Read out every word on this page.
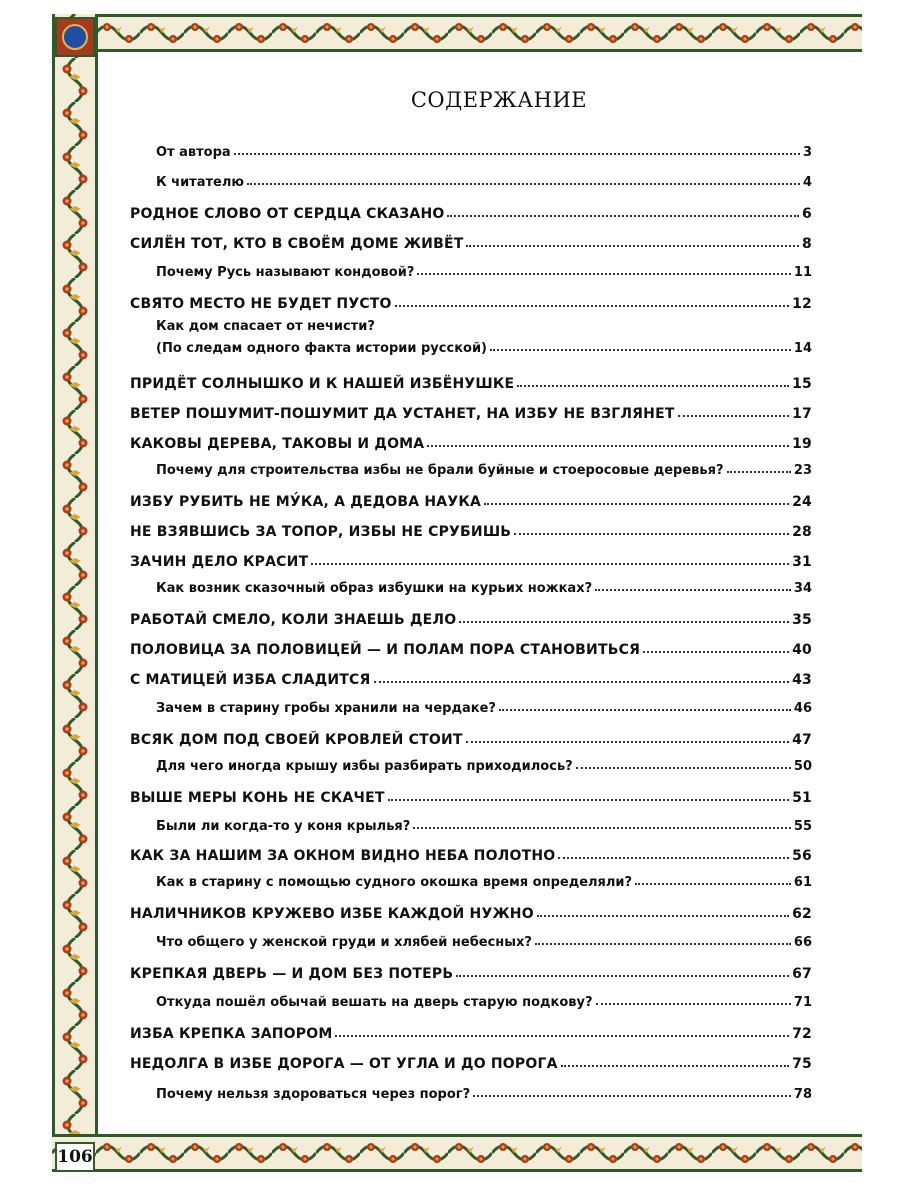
106
СОДЕРЖАНИЕ
От автора	3
К читателю	4
РОДНОЕ СЛОВО ОТ СЕРДЦА СКАЗАНО	6
СИЛЁН ТОТ, КТО В СВОЁМ ДОМЕ ЖИВЁТ	8
Почему Русь называют кондовой?	11
СВЯТО МЕСТО НЕ БУДЕТ ПУСТО	12
Как дом спасает от нечисти?
(По следам одного факта истории русской)	14
ПРИДЁТ СОЛНЫШКО И К НАШЕЙ ИЗБЁНУШКЕ	15
ВЕТЕР ПОШУМИТ-ПОШУМИТ ДА УСТАНЕТ, НА ИЗБУ НЕ ВЗГЛЯНЕТ	17
КАКОВЫ ДЕРЕВА, ТАКОВЫ И ДОМА	19
Почему для строительства избы не брали буйные и стоеросовые деревья?	23
ИЗБУ РУБИТЬ НЕ МУ́КА, А ДЕДОВА НАУКА	24
НЕ ВЗЯВШИСЬ ЗА ТОПОР, ИЗБЫ НЕ СРУБИШЬ	28
ЗАЧИН ДЕЛО КРАСИТ	31
Как возник сказочный образ избушки на курьих ножках?	34
РАБОТАЙ СМЕЛО, КОЛИ ЗНАЕШЬ ДЕЛО	35
ПОЛОВИЦА ЗА ПОЛОВИЦЕЙ — И ПОЛАМ ПОРА СТАНОВИТЬСЯ	40
С МАТИЦЕЙ ИЗБА СЛАДИТСЯ	43
Зачем в старину гробы хранили на чердаке?	46
ВСЯК ДОМ ПОД СВОЕЙ КРОВЛЕЙ СТОИТ	47
Для чего иногда крышу избы разбирать приходилось?	50
ВЫШЕ МЕРЫ КОНЬ НЕ СКАЧЕТ	51
Были ли когда-то у коня крылья?	55
КАК ЗА НАШИМ ЗА ОКНОМ ВИДНО НЕБА ПОЛОТНО	56
Как в старину с помощью судного окошка время определяли?	61
НАЛИЧНИКОВ КРУЖЕВО ИЗБЕ КАЖДОЙ НУЖНО	62
Что общего у женской груди и хлябей небесных?	66
КРЕПКАЯ ДВЕРЬ — И ДОМ БЕЗ ПОТЕРЬ	67
Откуда пошёл обычай вешать на дверь старую подкову?	71
ИЗБА КРЕПКА ЗАПОРОМ	72
НЕДОЛГА В ИЗБЕ ДОРОГА — ОТ УГЛА И ДО ПОРОГА	75
Почему нельзя здороваться через порог?	78
